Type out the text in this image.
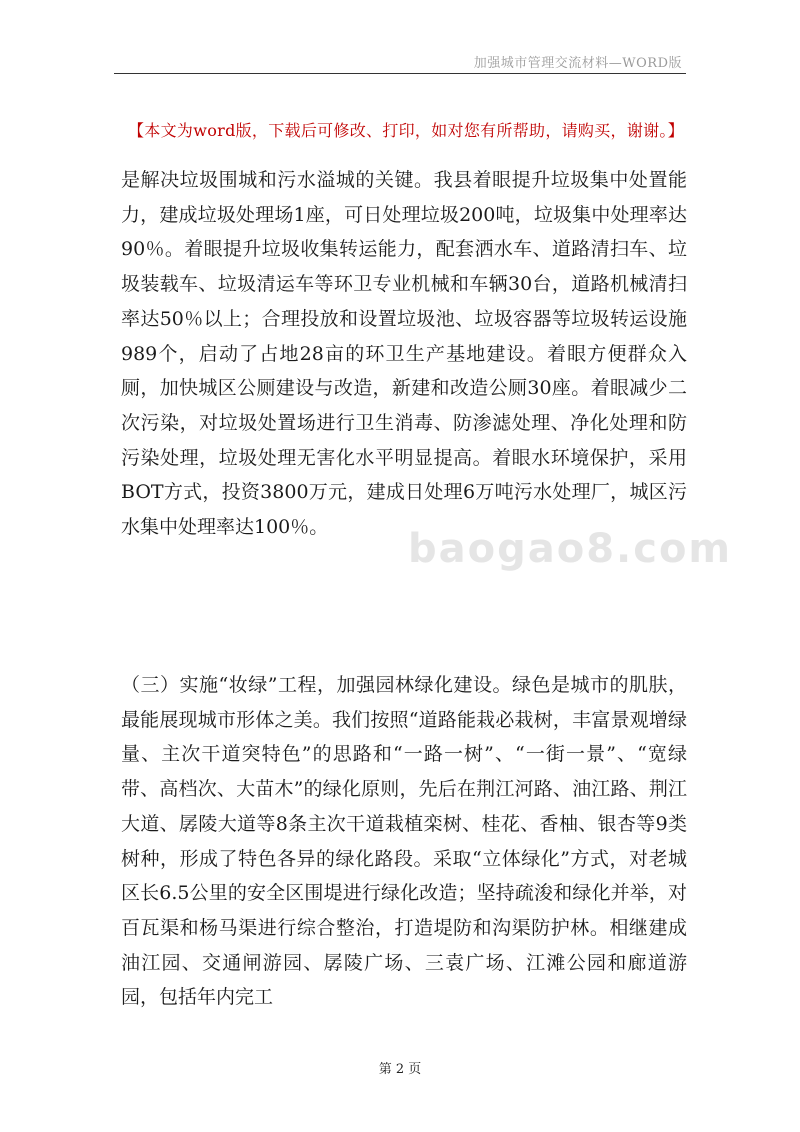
加强城市管理交流材料—WORD版
【本文为word版，下载后可修改、打印，如对您有所帮助，请购买，谢谢。】

是解决垃圾围城和污水溢城的关键。我县着眼提升垃圾集中处置能力，建成垃圾处理场1座，可日处理垃圾200吨，垃圾集中处理率达90％。着眼提升垃圾收集转运能力，配套洒水车、道路清扫车、垃圾装载车、垃圾清运车等环卫专业机械和车辆30台，道路机械清扫率达50％以上；合理投放和设置垃圾池、垃圾容器等垃圾转运设施989个，启动了占地28亩的环卫生产基地建设。着眼方便群众入厕，加快城区公厕建设与改造，新建和改造公厕30座。着眼减少二次污染，对垃圾处置场进行卫生消毒、防渗滤处理、净化处理和防污染处理，垃圾处理无害化水平明显提高。着眼水环境保护，采用BOT方式，投资3800万元，建成日处理6万吨污水处理厂，城区污水集中处理率达100％。

（三）实施“妆绿”工程，加强园林绿化建设。绿色是城市的肌肤，最能展现城市形体之美。我们按照“道路能栽必栽树，丰富景观增绿量、主次干道突特色”的思路和“一路一树”、“一街一景”、“宽绿带、高档次、大苗木”的绿化原则，先后在荆江河路、油江路、荆江大道、孱陵大道等8条主次干道栽植栾树、桂花、香柚、银杏等9类树种，形成了特色各异的绿化路段。采取“立体绿化”方式，对老城区长6.5公里的安全区围堤进行绿化改造；坚持疏浚和绿化并举，对百瓦渠和杨马渠进行综合整治，打造堤防和沟渠防护林。相继建成油江园、交通闸游园、孱陵广场、三袁广场、江滩公园和廊道游园，包括年内完工

baogao8.com
第 2 页
